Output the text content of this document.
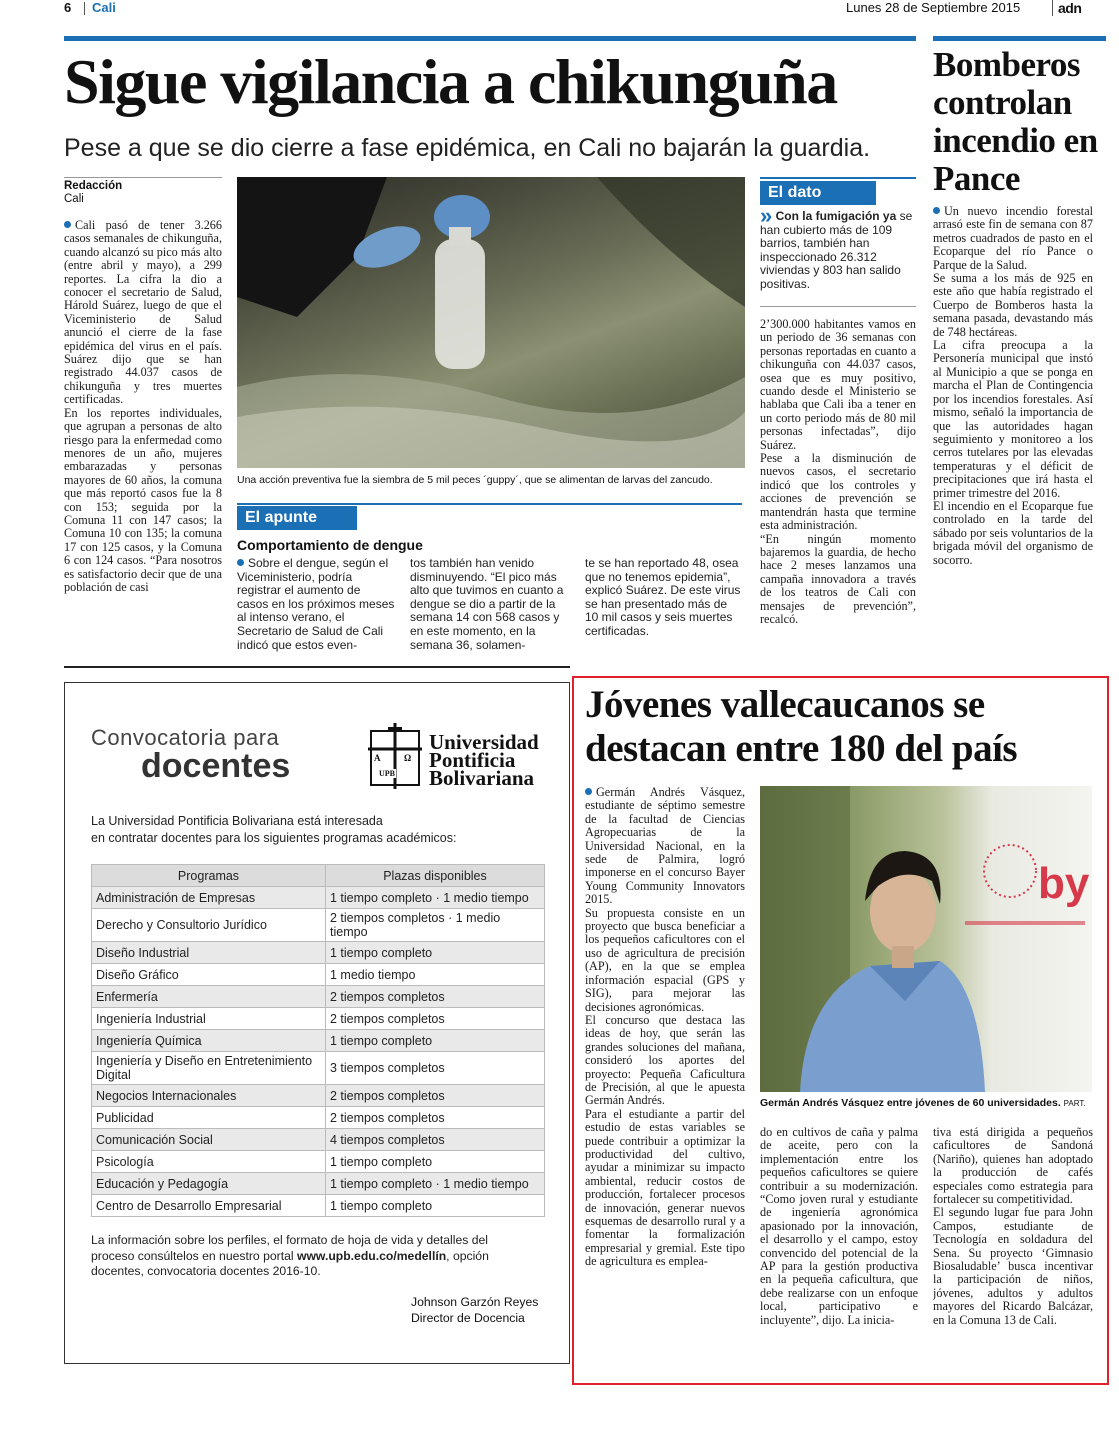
6 Cali	Lunes 28 de Septiembre 2015	adn
Sigue vigilancia a chikunguña
Pese a que se dio cierre a fase epidémica, en Cali no bajarán la guardia.
Redacción
Cali
Cali pasó de tener 3.266 casos semanales de chikunguña, cuando alcanzó su pico más alto (entre abril y mayo), a 299 reportes. La cifra la dio a conocer el secretario de Salud, Hárold Suárez, luego de que el Viceministerio de Salud anunció el cierre de la fase epidémica del virus en el país. Suárez dijo que se han registrado 44.037 casos de chikunguña y tres muertes certificadas.
En los reportes individuales, que agrupan a personas de alto riesgo para la enfermedad como menores de un año, mujeres embarazadas y personas mayores de 60 años, la comuna que más reportó casos fue la 8 con 153; seguida por la Comuna 11 con 147 casos; la Comuna 10 con 135; la comuna 17 con 125 casos, y la Comuna 6 con 124 casos. “Para nosotros es satisfactorio decir que de una población de casi
Una acción preventiva fue la siembra de 5 mil peces ´guppy´, que se alimentan de larvas del zancudo.
El apunte
Comportamiento de dengue
Sobre el dengue, según el Viceministerio, podría registrar el aumento de casos en los próximos meses al intenso verano, el Secretario de Salud de Cali indicó que estos even-
tos también han venido disminuyendo. “El pico más alto que tuvimos en cuanto a dengue se dio a partir de la semana 14 con 568 casos y en este momento, en la semana 36, solamen-
te se han reportado 48, osea que no tenemos epidemia”, explicó Suárez. De este virus se han presentado más de 10 mil casos y seis muertes certificadas.
El dato
» Con la fumigación ya se han cubierto más de 109 barrios, también han inspeccionado 26.312 viviendas y 803 han salido positivas.
2’300.000 habitantes vamos en un periodo de 36 semanas con personas reportadas en cuanto a chikunguña con 44.037 casos, osea que es muy positivo, cuando desde el Ministerio se hablaba que Cali iba a tener en un corto periodo más de 80 mil personas infectadas”, dijo Suárez.
Pese a la disminución de nuevos casos, el secretario indicó que los controles y acciones de prevención se mantendrán hasta que termine esta administración.
“En ningún momento bajaremos la guardia, de hecho hace 2 meses lanzamos una campaña innovadora a través de los teatros de Cali con mensajes de prevención”, recalcó.
Bomberos controlan incendio en Pance
Un nuevo incendio forestal arrasó este fin de semana con 87 metros cuadrados de pasto en el Ecoparque del río Pance o Parque de la Salud.
Se suma a los más de 925 en este año que había registrado el Cuerpo de Bomberos hasta la semana pasada, devastando más de 748 hectáreas.
La cifra preocupa a la Personería municipal que instó al Municipio a que se ponga en marcha el Plan de Contingencia por los incendios forestales. Así mismo, señaló la importancia de que las autoridades hagan seguimiento y monitoreo a los cerros tutelares por las elevadas temperaturas y el déficit de precipitaciones que irá hasta el primer trimestre del 2016.
El incendio en el Ecoparque fue controlado en la tarde del sábado por seis voluntarios de la brigada móvil del organismo de socorro.
Convocatoria para
docentes	A	Ω
UPB
Universidad
Pontificia
Bolivariana
La Universidad Pontificia Bolivariana está interesada
en contratar docentes para los siguientes programas académicos:
Programas	Plazas disponibles
Administración de Empresas	1 tiempo completo · 1 medio tiempo
Derecho y Consultorio Jurídico	2 tiempos completos · 1 medio tiempo
Diseño Industrial	1 tiempo completo
Diseño Gráfico	1 medio tiempo
Enfermería	2 tiempos completos
Ingeniería Industrial	2 tiempos completos
Ingeniería Química	1 tiempo completo
Ingeniería y Diseño en Entretenimiento Digital	3 tiempos completos
Negocios Internacionales	2 tiempos completos
Publicidad	2 tiempos completos
Comunicación Social	4 tiempos completos
Psicología	1 tiempo completo
Educación y Pedagogía	1 tiempo completo · 1 medio tiempo
Centro de Desarrollo Empresarial	1 tiempo completo
La información sobre los perfiles, el formato de hoja de vida y detalles del proceso consúltelos en nuestro portal www.upb.edu.co/medellín, opción docentes, convocatoria docentes 2016-10.
Johnson Garzón Reyes
Director de Docencia
Jóvenes vallecaucanos se destacan entre 180 del país
Germán Andrés Vásquez, estudiante de séptimo semestre de la facultad de Ciencias Agropecuarias de la Universidad Nacional, en la sede de Palmira, logró imponerse en el concurso Bayer Young Community Innovators 2015.
Su propuesta consiste en un proyecto que busca beneficiar a los pequeños caficultores con el uso de agricultura de precisión (AP), en la que se emplea información espacial (GPS y SIG), para mejorar las decisiones agronómicas.
El concurso que destaca las ideas de hoy, que serán las grandes soluciones del mañana, consideró los aportes del proyecto: Pequeña Caficultura de Precisión, al que le apuesta Germán Andrés.
Para el estudiante a partir del estudio de estas variables se puede contribuir a optimizar la productividad del cultivo, ayudar a minimizar su impacto ambiental, reducir costos de producción, fortalecer procesos de innovación, generar nuevos esquemas de desarrollo rural y a fomentar la formalización empresarial y gremial. Este tipo de agricultura es emplea-
by
Germán Andrés Vásquez entre jóvenes de 60 universidades. PART.
do en cultivos de caña y palma de aceite, pero con la implementación entre los pequeños caficultores se quiere contribuir a su modernización. “Como joven rural y estudiante de ingeniería agronómica apasionado por la innovación, el desarrollo y el campo, estoy convencido del potencial de la AP para la gestión productiva en la pequeña caficultura, que debe realizarse con un enfoque local, participativo e incluyente”, dijo. La inicia-
tiva está dirigida a pequeños caficultores de Sandoná (Nariño), quienes han adoptado la producción de cafés especiales como estrategia para fortalecer su competitividad.
El segundo lugar fue para John Campos, estudiante de Tecnología en soldadura del Sena. Su proyecto ‘Gimnasio Biosaludable’ busca incentivar la participación de niños, jóvenes, adultos y adultos mayores del Ricardo Balcázar, en la Comuna 13 de Cali.
